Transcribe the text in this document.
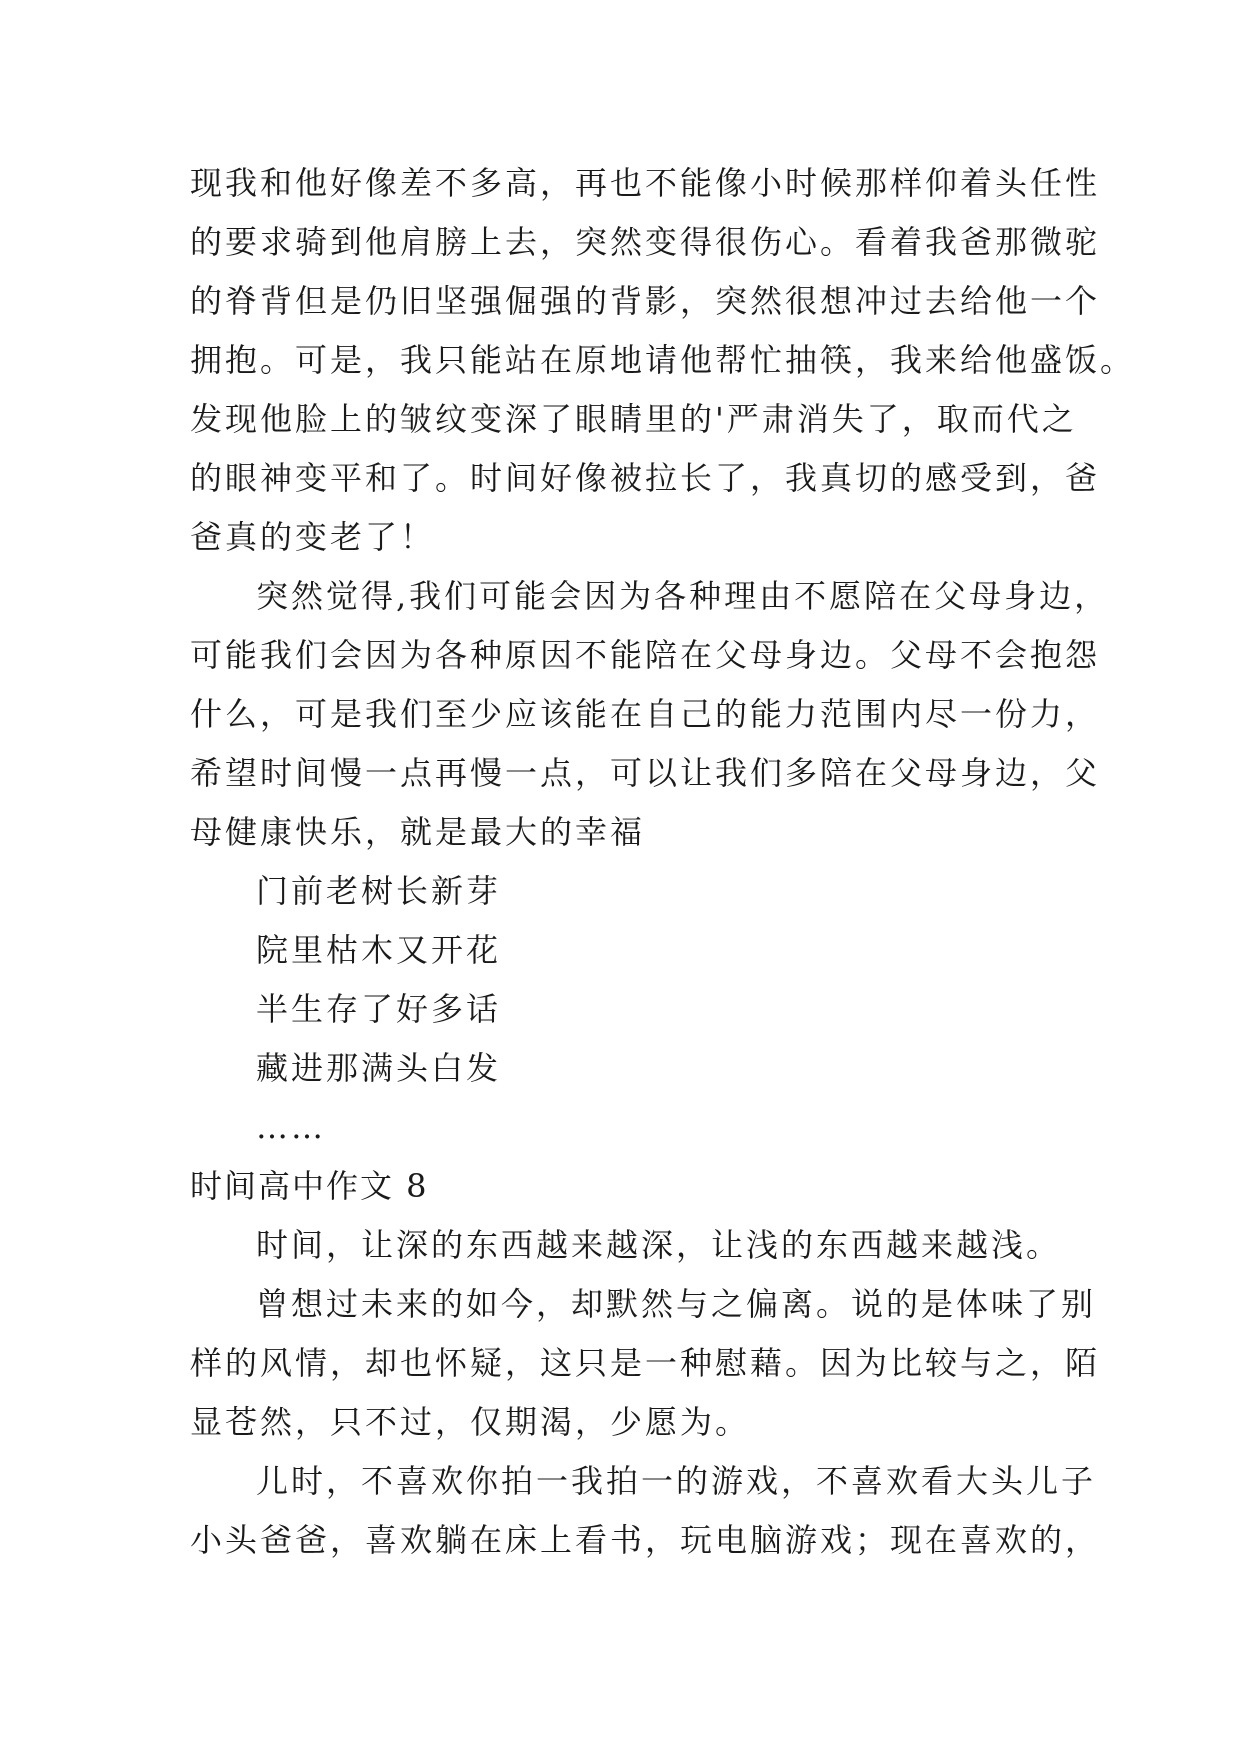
现我和他好像差不多高，再也不能像小时候那样仰着头任性
的要求骑到他肩膀上去，突然变得很伤心。看着我爸那微驼
的脊背但是仍旧坚强倔强的背影，突然很想冲过去给他一个
拥抱。可是，我只能站在原地请他帮忙抽筷，我来给他盛饭。
发现他脸上的皱纹变深了眼睛里的'严肃消失了，取而代之
的眼神变平和了。时间好像被拉长了，我真切的感受到，爸
爸真的变老了！
突然觉得,我们可能会因为各种理由不愿陪在父母身边，
可能我们会因为各种原因不能陪在父母身边。父母不会抱怨
什么，可是我们至少应该能在自己的能力范围内尽一份力，
希望时间慢一点再慢一点，可以让我们多陪在父母身边，父
母健康快乐，就是最大的幸福
门前老树长新芽
院里枯木又开花
半生存了好多话
藏进那满头白发
……
时间高中作文 8
时间，让深的东西越来越深，让浅的东西越来越浅。
曾想过未来的如今，却默然与之偏离。说的是体味了别
样的风情，却也怀疑，这只是一种慰藉。因为比较与之，陌
显苍然，只不过，仅期渴，少愿为。
儿时，不喜欢你拍一我拍一的游戏，不喜欢看大头儿子
小头爸爸，喜欢躺在床上看书，玩电脑游戏；现在喜欢的，
